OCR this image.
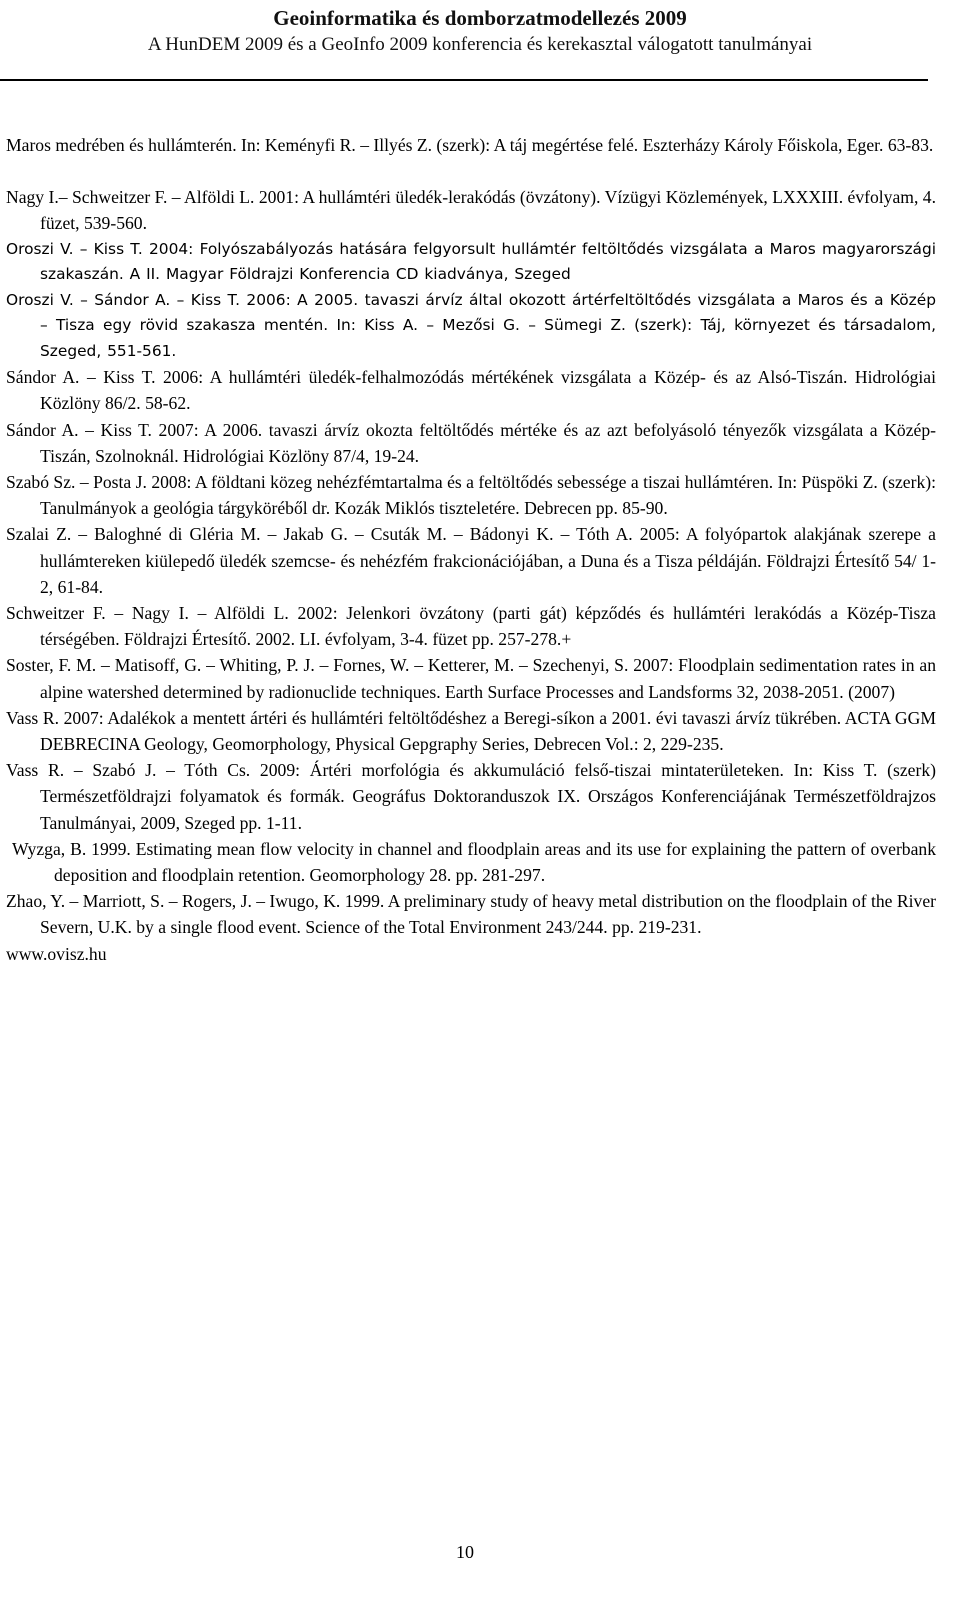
Geoinformatika és domborzatmodellezés 2009
A HunDEM 2009 és a GeoInfo 2009 konferencia és kerekasztal válogatott tanulmányai

Maros medrében és hullámterén. In: Keményfi R. – Illyés Z. (szerk): A táj megértése felé. Eszterházy Károly Főiskola, Eger. 63-83.

Nagy I.– Schweitzer F. – Alföldi L. 2001: A hullámtéri üledék-lerakódás (övzátony). Vízügyi Közlemények, LXXXIII. évfolyam, 4. füzet, 539-560.

Oroszi V. – Kiss T. 2004: Folyószabályozás hatására felgyorsult hullámtér feltöltődés vizsgálata a Maros magyarországi szakaszán. A II. Magyar Földrajzi Konferencia CD kiadványa, Szeged

Oroszi V. – Sándor A. – Kiss T. 2006: A 2005. tavaszi árvíz által okozott ártérfeltöltődés vizsgálata a Maros és a Közép – Tisza egy rövid szakasza mentén. In: Kiss A. – Mezősi G. – Sümegi Z. (szerk): Táj, környezet és társadalom, Szeged, 551-561.

Sándor A. – Kiss T. 2006: A hullámtéri üledék-felhalmozódás mértékének vizsgálata a Közép- és az Alsó-Tiszán. Hidrológiai Közlöny 86/2. 58-62.

Sándor A. – Kiss T. 2007: A 2006. tavaszi árvíz okozta feltöltődés mértéke és az azt befolyásoló tényezők vizsgálata a Közép-Tiszán, Szolnoknál. Hidrológiai Közlöny 87/4, 19-24.

Szabó Sz. – Posta J. 2008: A földtani közeg nehézfémtartalma és a feltöltődés sebessége a tiszai hullámtéren. In: Püspöki Z. (szerk): Tanulmányok a geológia tárgyköréből dr. Kozák Miklós tiszteletére. Debrecen pp. 85-90.

Szalai Z. – Baloghné di Gléria M. – Jakab G. – Csuták M. – Bádonyi K. – Tóth A. 2005: A folyópartok alakjának szerepe a hullámtereken kiülepedő üledék szemcse- és nehézfém frakcionációjában, a Duna és a Tisza példáján. Földrajzi Értesítő 54/ 1-2, 61-84.

Schweitzer F. – Nagy I. – Alföldi L. 2002: Jelenkori övzátony (parti gát) képződés és hullámtéri lerakódás a Közép-Tisza térségében. Földrajzi Értesítő. 2002. LI. évfolyam, 3-4. füzet pp. 257-278.+

Soster, F. M. – Matisoff, G. – Whiting, P. J. – Fornes, W. – Ketterer, M. – Szechenyi, S. 2007: Floodplain sedimentation rates in an alpine watershed determined by radionuclide techniques. Earth Surface Processes and Landsforms 32, 2038-2051. (2007)

Vass R. 2007: Adalékok a mentett ártéri és hullámtéri feltöltődéshez a Beregi-síkon a 2001. évi tavaszi árvíz tükrében. ACTA GGM DEBRECINA Geology, Geomorphology, Physical Gepgraphy Series, Debrecen Vol.: 2, 229-235.

Vass R. – Szabó J. – Tóth Cs. 2009: Ártéri morfológia és akkumuláció felső-tiszai mintaterületeken. In: Kiss T. (szerk) Természetföldrajzi folyamatok és formák. Geográfus Doktoranduszok IX. Országos Konferenciájának Természetföldrajzos Tanulmányai, 2009, Szeged pp. 1-11.

Wyzga, B. 1999. Estimating mean flow velocity in channel and floodplain areas and its use for explaining the pattern of overbank deposition and floodplain retention. Geomorphology 28. pp. 281-297.

Zhao, Y. – Marriott, S. – Rogers, J. – Iwugo, K. 1999. A preliminary study of heavy metal distribution on the floodplain of the River Severn, U.K. by a single flood event. Science of the Total Environment 243/244. pp. 219-231.

www.ovisz.hu

10
